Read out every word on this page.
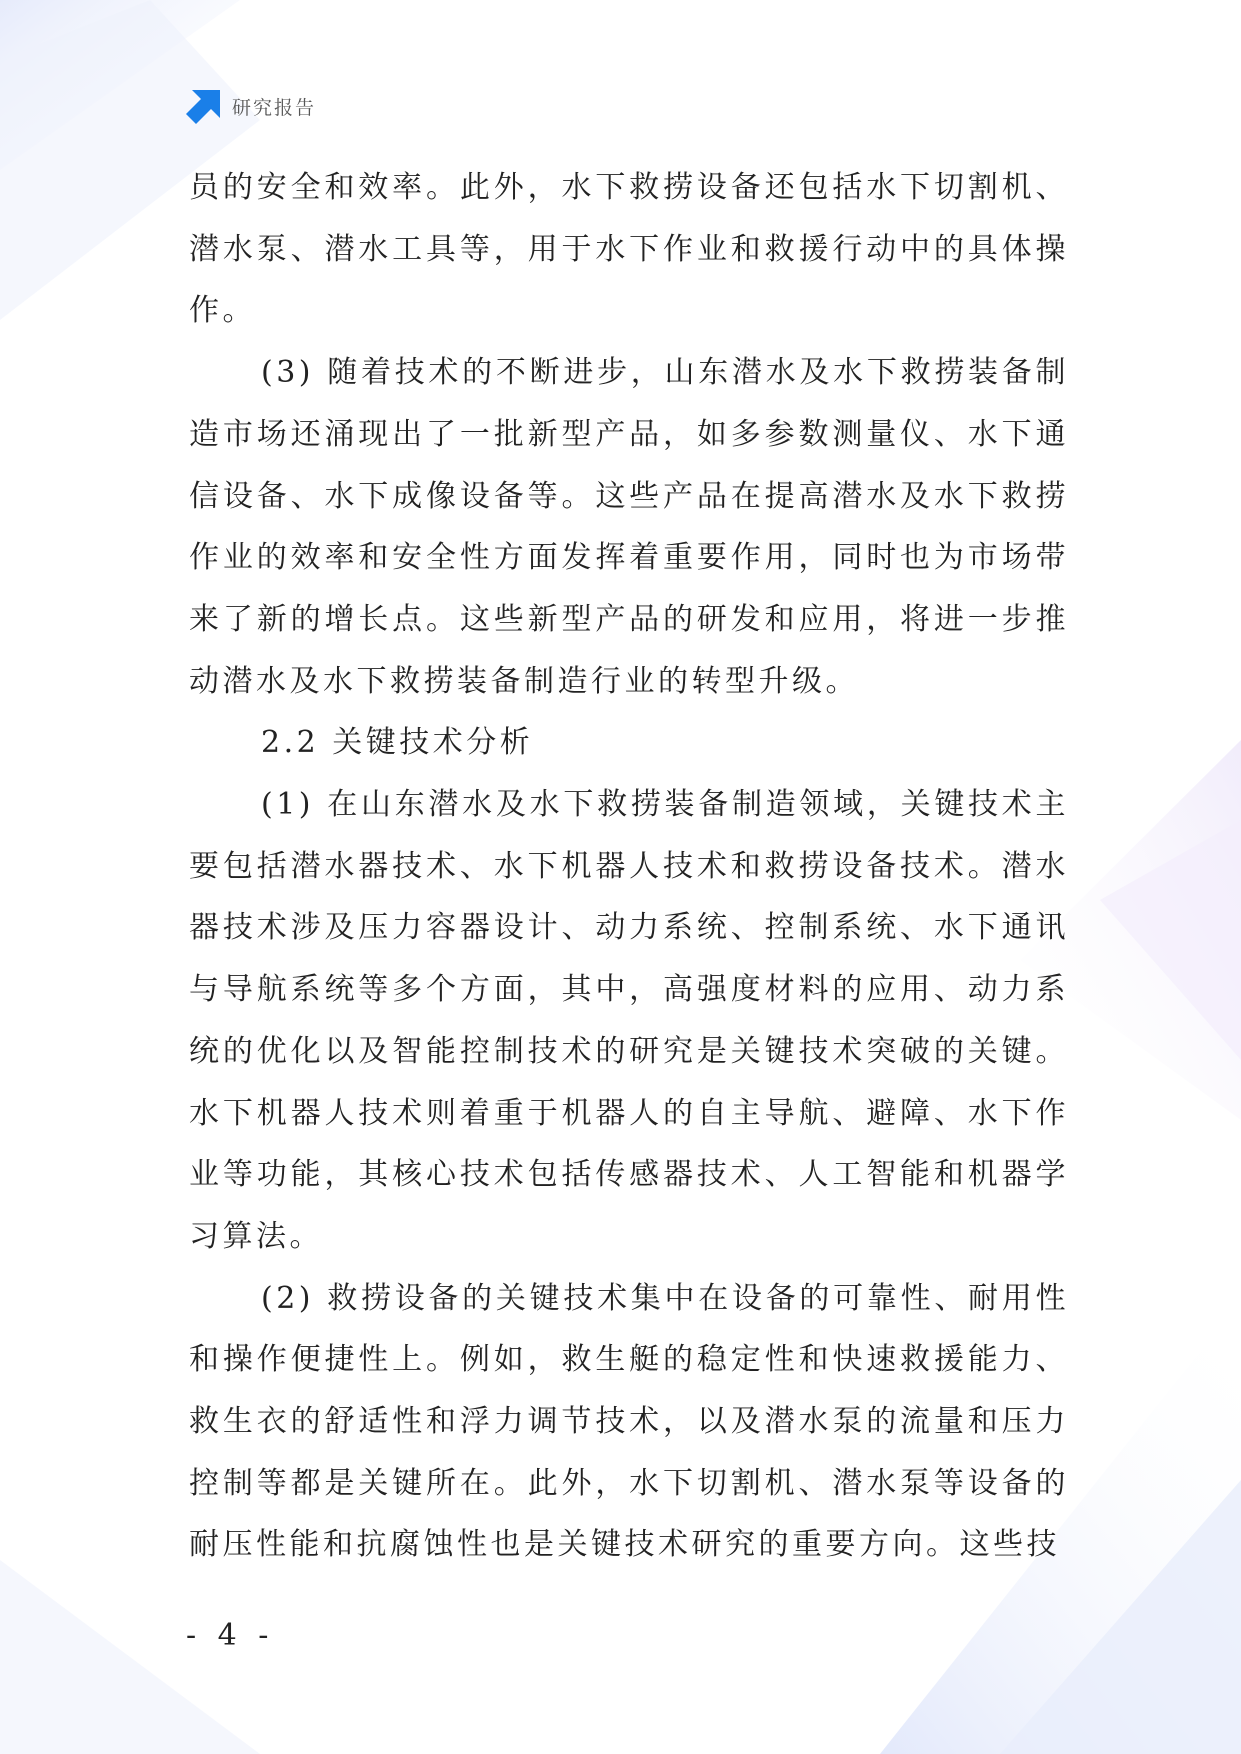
研究报告

员的安全和效率。此外，水下救捞设备还包括水下切割机、潜水泵、潜水工具等，用于水下作业和救援行动中的具体操作。

(3) 随着技术的不断进步，山东潜水及水下救捞装备制造市场还涌现出了一批新型产品，如多参数测量仪、水下通信设备、水下成像设备等。这些产品在提高潜水及水下救捞作业的效率和安全性方面发挥着重要作用，同时也为市场带来了新的增长点。这些新型产品的研发和应用，将进一步推动潜水及水下救捞装备制造行业的转型升级。

2.2 关键技术分析

(1) 在山东潜水及水下救捞装备制造领域，关键技术主要包括潜水器技术、水下机器人技术和救捞设备技术。潜水器技术涉及压力容器设计、动力系统、控制系统、水下通讯与导航系统等多个方面，其中，高强度材料的应用、动力系统的优化以及智能控制技术的研究是关键技术突破的关键。水下机器人技术则着重于机器人的自主导航、避障、水下作业等功能，其核心技术包括传感器技术、人工智能和机器学习算法。

(2) 救捞设备的关键技术集中在设备的可靠性、耐用性和操作便捷性上。例如，救生艇的稳定性和快速救援能力、救生衣的舒适性和浮力调节技术，以及潜水泵的流量和压力控制等都是关键所在。此外，水下切割机、潜水泵等设备的耐压性能和抗腐蚀性也是关键技术研究的重要方向。这些技

- 4 -
